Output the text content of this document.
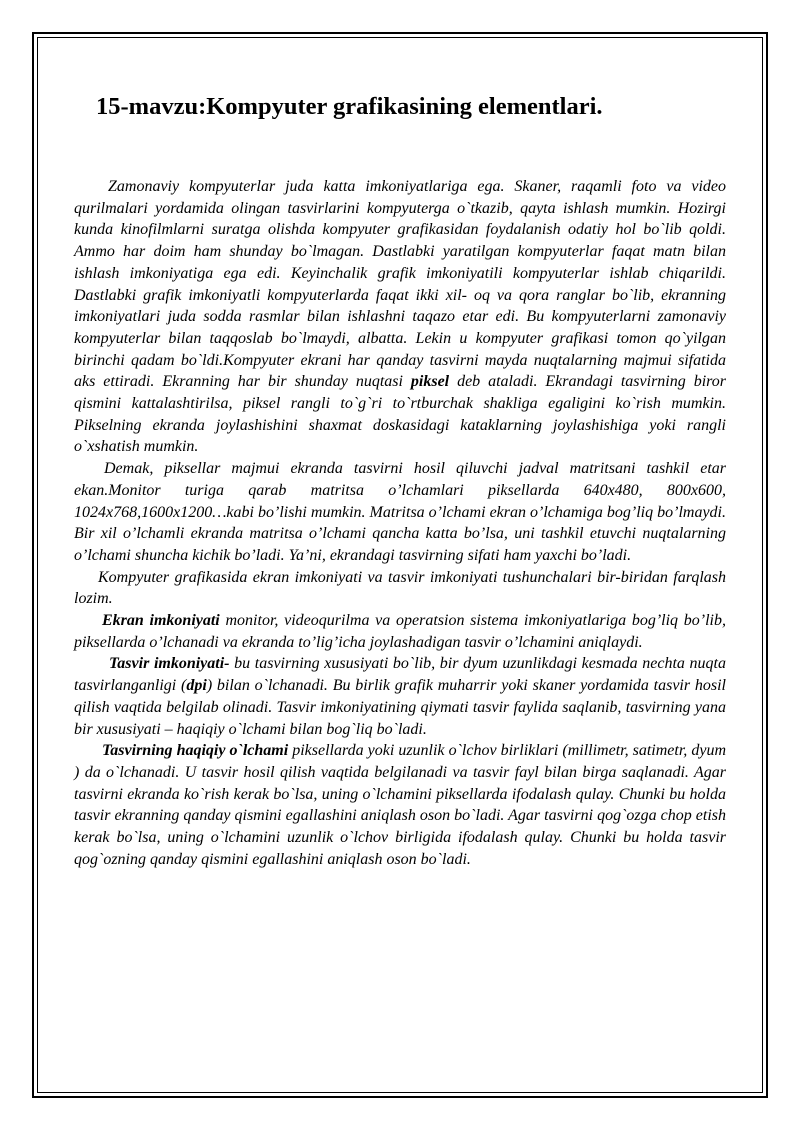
15-mavzu:Kompyuter grafikasining elementlari.

Zamonaviy kompyuterlar juda katta imkoniyatlariga ega. Skaner, raqamli foto va video qurilmalari yordamida olingan tasvirlarini kompyuterga o`tkazib, qayta ishlash mumkin. Hozirgi kunda kinofilmlarni suratga olishda kompyuter grafikasidan foydalanish odatiy hol bo`lib qoldi. Ammo har doim ham shunday bo`lmagan. Dastlabki yaratilgan kompyuterlar faqat matn bilan ishlash imkoniyatiga ega edi. Keyinchalik grafik imkoniyatili kompyuterlar ishlab chiqarildi. Dastlabki grafik imkoniyatli kompyuterlarda faqat ikki xil- oq va qora ranglar bo`lib, ekranning imkoniyatlari juda sodda rasmlar bilan ishlashni taqazo etar edi. Bu kompyuterlarni zamonaviy kompyuterlar bilan taqqoslab bo`lmaydi, albatta. Lekin u kompyuter grafikasi tomon qo`yilgan birinchi qadam bo`ldi.Kompyuter ekrani har qanday tasvirni mayda nuqtalarning majmui sifatida aks ettiradi. Ekranning har bir shunday nuqtasi piksel deb ataladi. Ekrandagi tasvirning biror qismini kattalashtirilsa, piksel rangli to`g`ri to`rtburchak shakliga egaligini ko`rish mumkin. Pikselning ekranda joylashishini shaxmat doskasidagi kataklarning joylashishiga yoki rangli o`xshatish mumkin.

Demak, piksellar majmui ekranda tasvirni hosil qiluvchi jadval matritsani tashkil etar ekan.Monitor turiga qarab matritsa o’lchamlari piksellarda 640x480, 800x600, 1024x768,1600x1200…kabi bo’lishi mumkin. Matritsa o’lchami ekran o’lchamiga bog’liq bo’lmaydi. Bir xil o’lchamli ekranda matritsa o’lchami qancha katta bo’lsa, uni tashkil etuvchi nuqtalarning o’lchami shuncha kichik bo’ladi. Ya’ni, ekrandagi tasvirning sifati ham yaxchi bo’ladi.

Kompyuter grafikasida ekran imkoniyati va tasvir imkoniyati tushunchalari bir-biridan farqlash lozim.

Ekran imkoniyati monitor, videoqurilma va operatsion sistema imkoniyatlariga bog’liq bo’lib, piksellarda o’lchanadi va ekranda to’lig’icha joylashadigan tasvir o’lchamini aniqlaydi.

Tasvir imkoniyati- bu tasvirning xususiyati bo`lib, bir dyum uzunlikdagi kesmada nechta nuqta tasvirlanganligi (dpi) bilan o`lchanadi. Bu birlik grafik muharrir yoki skaner yordamida tasvir hosil qilish vaqtida belgilab olinadi. Tasvir imkoniyatining qiymati tasvir faylida saqlanib, tasvirning yana bir xususiyati – haqiqiy o`lchami bilan bog`liq bo`ladi.

Tasvirning haqiqiy o`lchami piksellarda yoki uzunlik o`lchov birliklari (millimetr, satimetr, dyum ) da o`lchanadi. U tasvir hosil qilish vaqtida belgilanadi va tasvir fayl bilan birga saqlanadi. Agar tasvirni ekranda ko`rish kerak bo`lsa, uning o`lchamini piksellarda ifodalash qulay. Chunki bu holda tasvir ekranning qanday qismini egallashini aniqlash oson bo`ladi. Agar tasvirni qog`ozga chop etish kerak bo`lsa, uning o`lchamini uzunlik o`lchov birligida ifodalash qulay. Chunki bu holda tasvir qog`ozning qanday qismini egallashini aniqlash oson bo`ladi.
